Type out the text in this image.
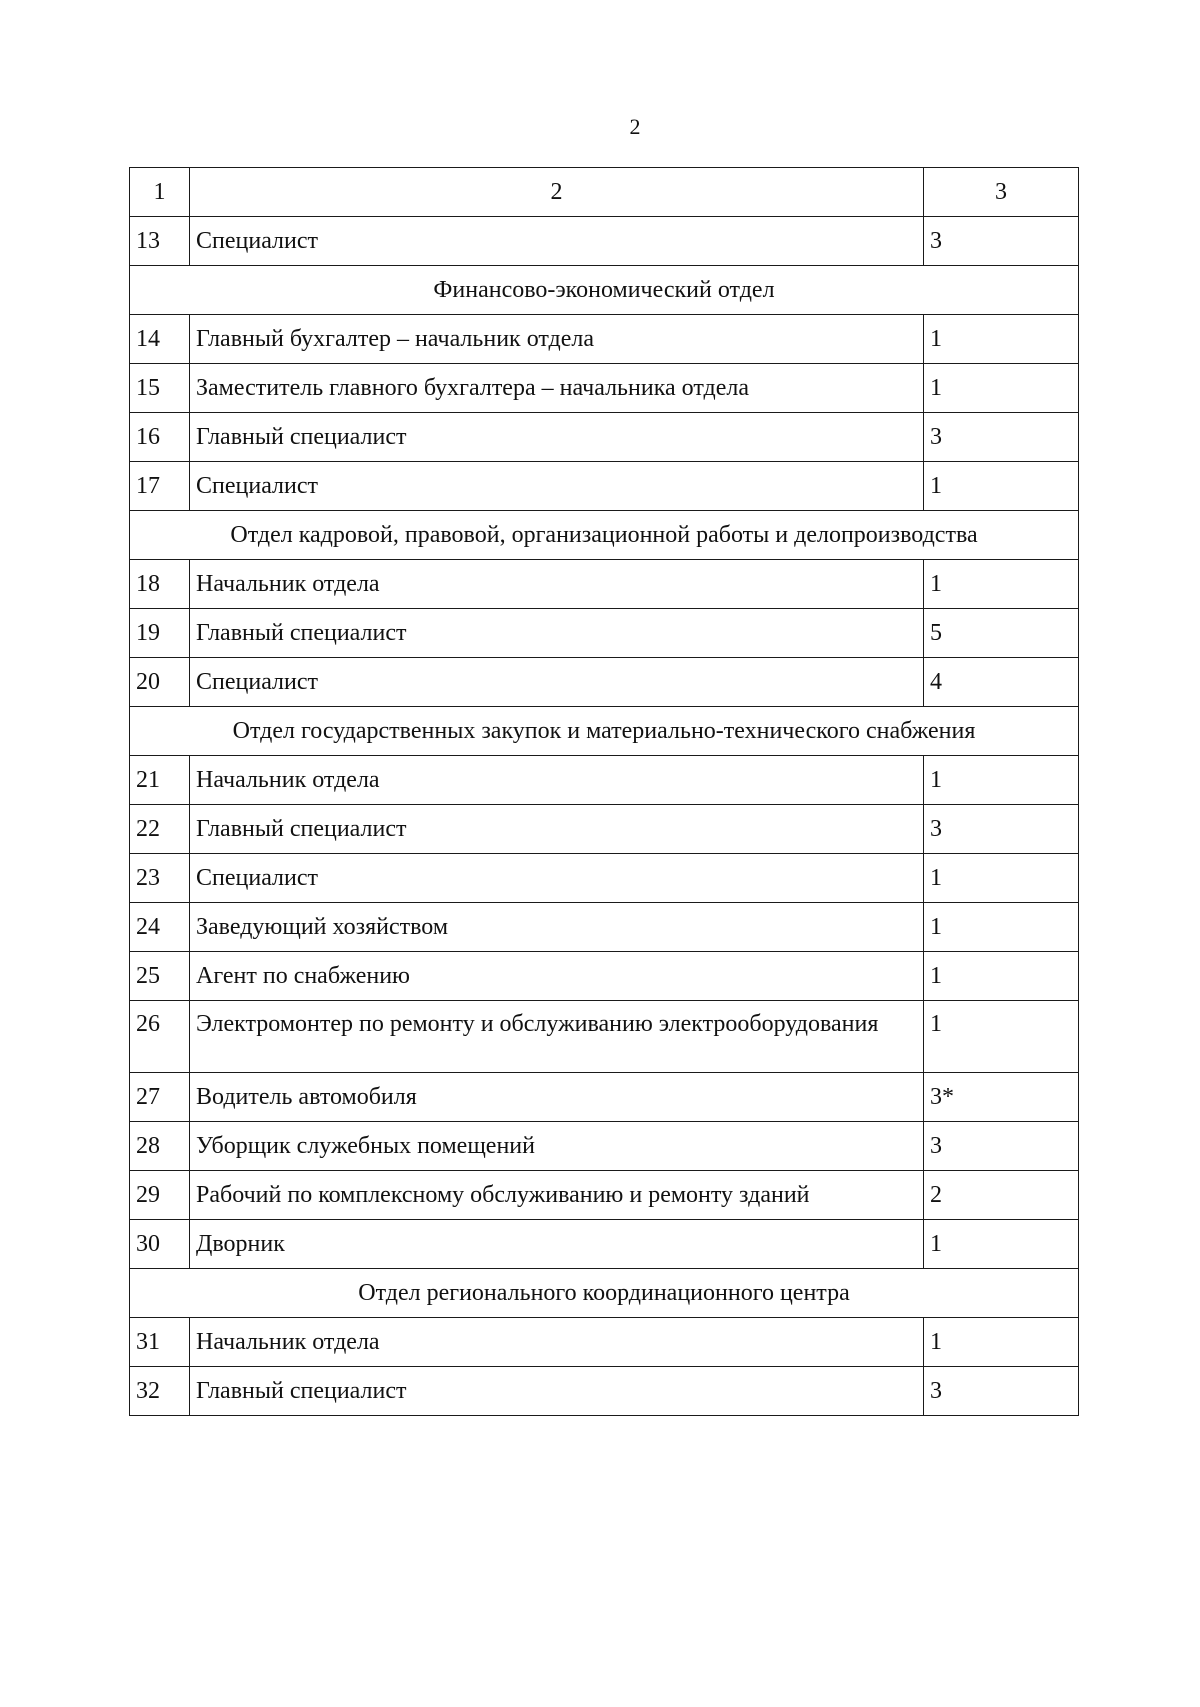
2
1	2	3
13	Специалист	3
Финансово-экономический отдел		
14	Главный бухгалтер – начальник отдела	1
15	Заместитель главного бухгалтера – начальника отдела	1
16	Главный специалист	3
17	Специалист	1
Отдел кадровой, правовой, организационной работы и делопроизводства		
18	Начальник отдела	1
19	Главный специалист	5
20	Специалист	4
Отдел государственных закупок и материально-технического снабжения		
21	Начальник отдела	1
22	Главный специалист	3
23	Специалист	1
24	Заведующий хозяйством	1
25	Агент по снабжению	1
26	Электромонтер по ремонту и обслуживанию электрооборудования	1
27	Водитель автомобиля	3*
28	Уборщик служебных помещений	3
29	Рабочий по комплексному обслуживанию и ремонту зданий	2
30	Дворник	1
Отдел регионального координационного центра		
31	Начальник отдела	1
32	Главный специалист	3
